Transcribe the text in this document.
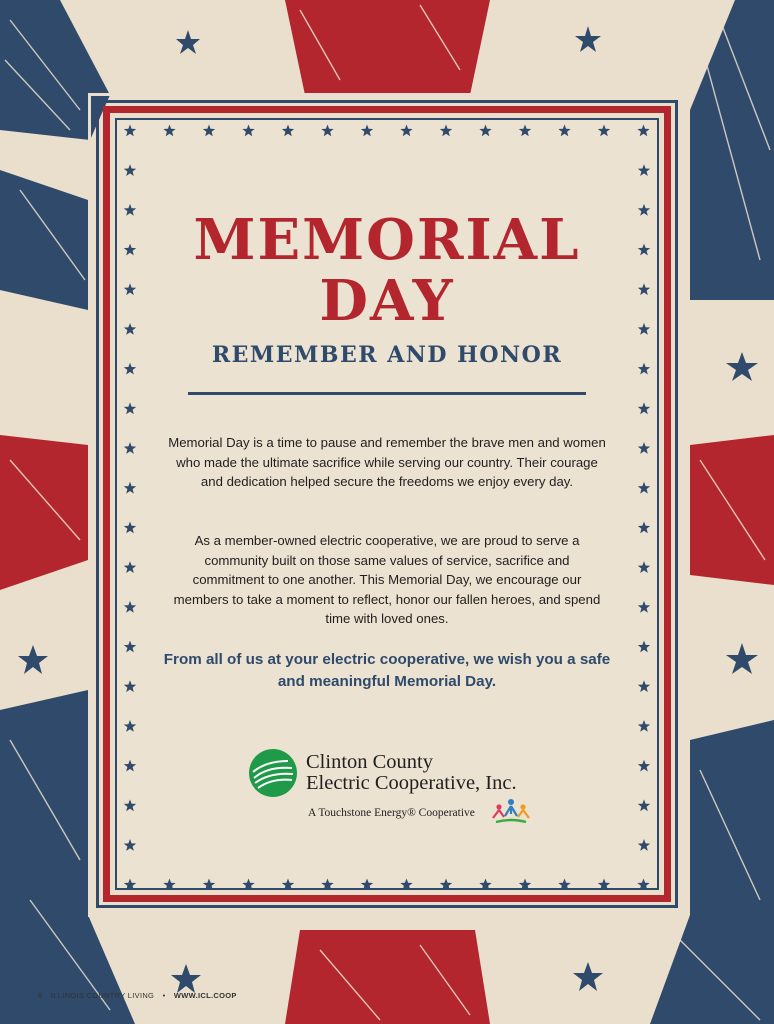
MEMORIAL
DAY
REMEMBER AND HONOR

Memorial Day is a time to pause and remember the brave men and women who made the ultimate sacrifice while serving our country. Their courage and dedication helped secure the freedoms we enjoy every day.

As a member-owned electric cooperative, we are proud to serve a community built on those same values of service, sacrifice and commitment to one another. This Memorial Day, we encourage our members to take a moment to reflect, honor our fallen heroes, and spend time with loved ones.

From all of us at your electric cooperative, we wish you a safe and meaningful Memorial Day.

Clinton County
Electric Cooperative, Inc.

A Touchstone Energy® Cooperative

6 ILLINOIS COUNTRY LIVING • WWW.ICL.COOP
